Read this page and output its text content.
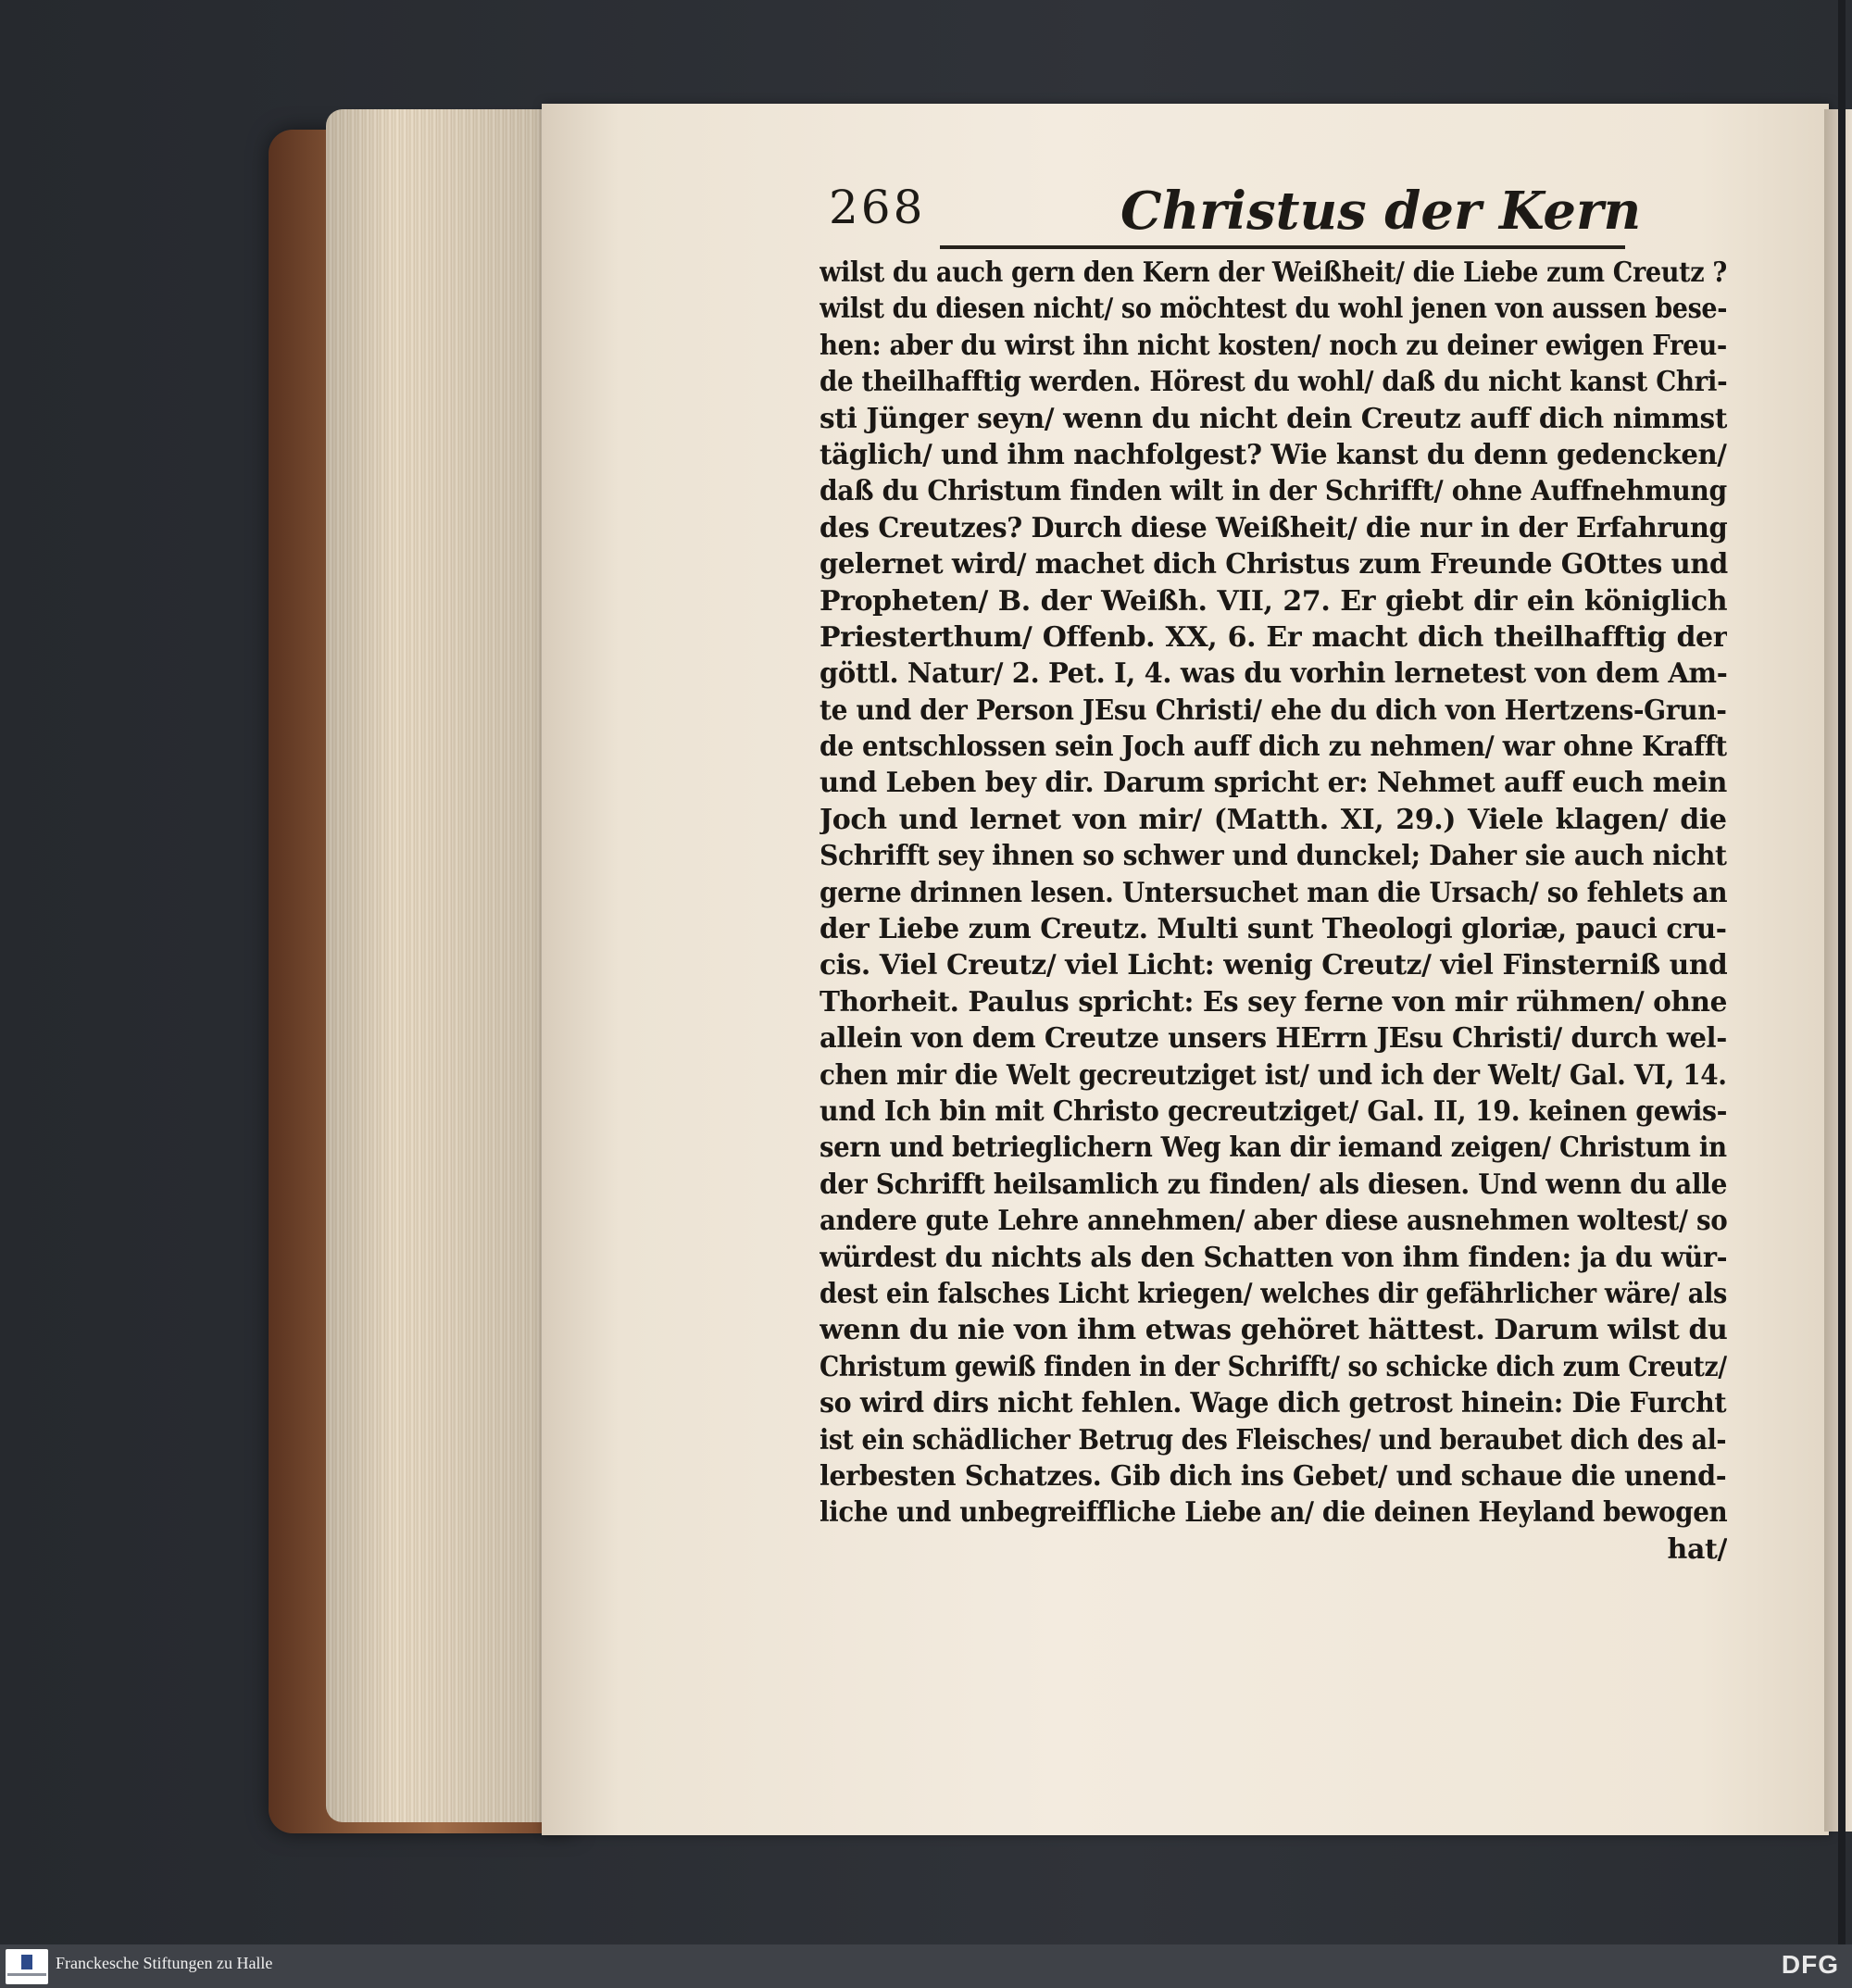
268	Christus der Kern
wilst du auch gern den Kern der Weißheit/ die Liebe zum Creutz ?
wilst du diesen nicht/ so möchtest du wohl jenen von aussen bese-
hen: aber du wirst ihn nicht kosten/ noch zu deiner ewigen Freu-
de theilhafftig werden. Hörest du wohl/ daß du nicht kanst Chri-
sti Jünger seyn/ wenn du nicht dein Creutz auff dich nimmst
täglich/ und ihm nachfolgest? Wie kanst du denn gedencken/
daß du Christum finden wilt in der Schrifft/ ohne Auffnehmung
des Creutzes? Durch diese Weißheit/ die nur in der Erfahrung
gelernet wird/ machet dich Christus zum Freunde GOttes und
Propheten/ B. der Weißh. VII, 27. Er giebt dir ein königlich
Priesterthum/ Offenb. XX, 6. Er macht dich theilhafftig der
göttl. Natur/ 2. Pet. I, 4. was du vorhin lernetest von dem Am-
te und der Person JEsu Christi/ ehe du dich von Hertzens-Grun-
de entschlossen sein Joch auff dich zu nehmen/ war ohne Krafft
und Leben bey dir. Darum spricht er: Nehmet auff euch mein
Joch und lernet von mir/ (Matth. XI, 29.) Viele klagen/ die
Schrifft sey ihnen so schwer und dunckel; Daher sie auch nicht
gerne drinnen lesen. Untersuchet man die Ursach/ so fehlets an
der Liebe zum Creutz. Multi sunt Theologi gloriæ, pauci cru-
cis. Viel Creutz/ viel Licht: wenig Creutz/ viel Finsterniß und
Thorheit. Paulus spricht: Es sey ferne von mir rühmen/ ohne
allein von dem Creutze unsers HErrn JEsu Christi/ durch wel-
chen mir die Welt gecreutziget ist/ und ich der Welt/ Gal. VI, 14.
und Ich bin mit Christo gecreutziget/ Gal. II, 19. keinen gewis-
sern und betrieglichern Weg kan dir iemand zeigen/ Christum in
der Schrifft heilsamlich zu finden/ als diesen. Und wenn du alle
andere gute Lehre annehmen/ aber diese ausnehmen woltest/ so
würdest du nichts als den Schatten von ihm finden: ja du wür-
dest ein falsches Licht kriegen/ welches dir gefährlicher wäre/ als
wenn du nie von ihm etwas gehöret hättest. Darum wilst du
Christum gewiß finden in der Schrifft/ so schicke dich zum Creutz/
so wird dirs nicht fehlen. Wage dich getrost hinein: Die Furcht
ist ein schädlicher Betrug des Fleisches/ und beraubet dich des al-
lerbesten Schatzes. Gib dich ins Gebet/ und schaue die unend-
liche und unbegreiffliche Liebe an/ die deinen Heyland bewogen
hat/
Franckesche Stiftungen zu Halle	DFG
